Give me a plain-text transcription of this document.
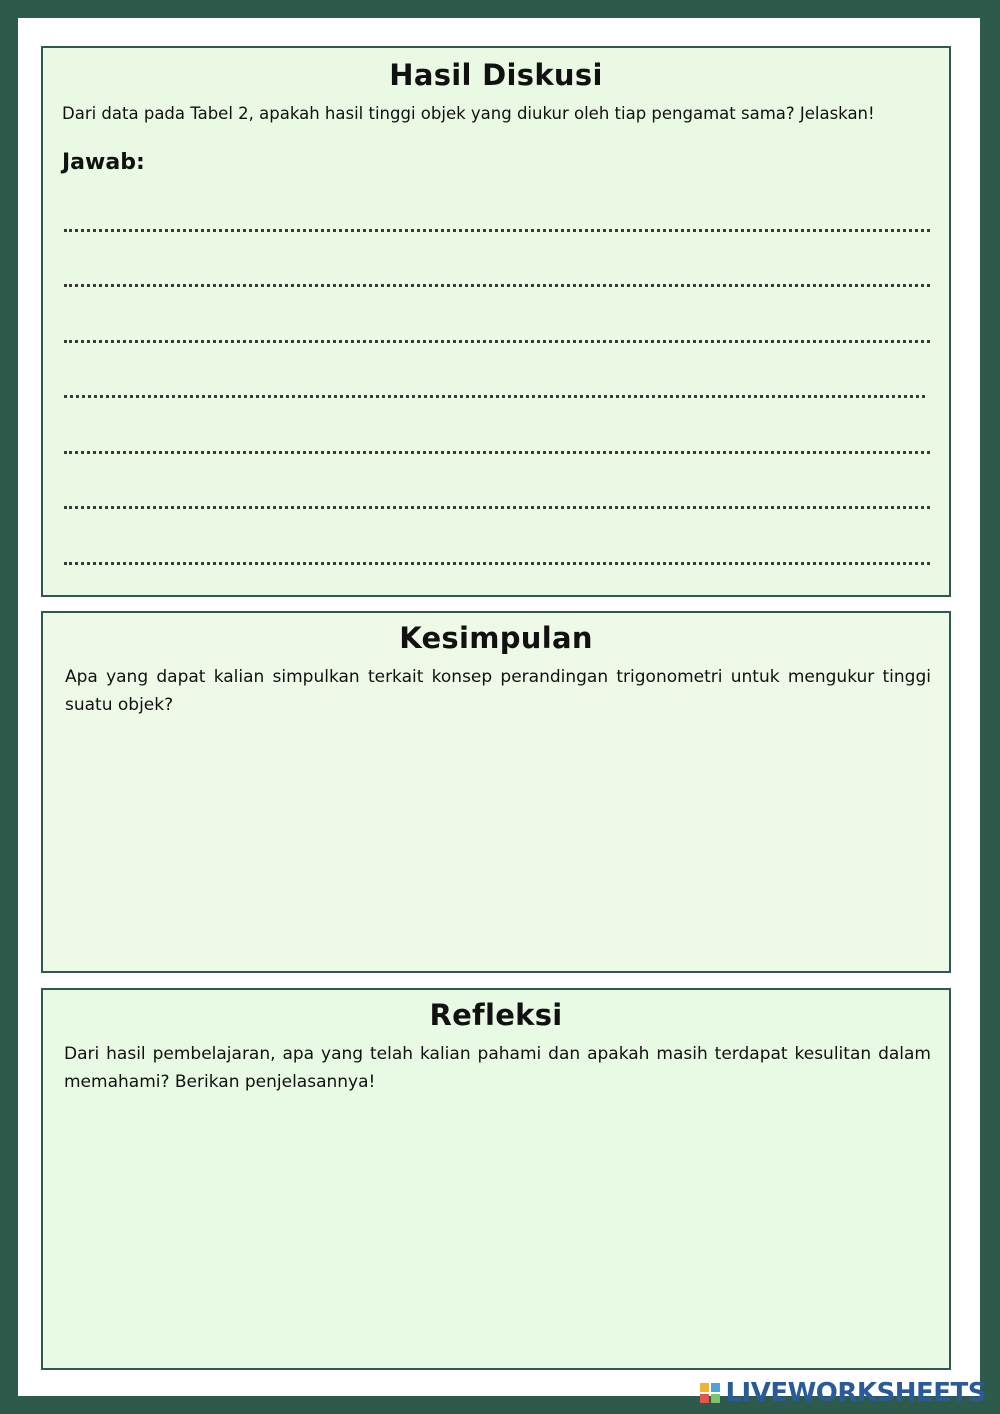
Hasil Diskusi

Dari data pada Tabel 2, apakah hasil tinggi objek yang diukur oleh tiap pengamat sama? Jelaskan!

Jawab:

Kesimpulan

Apa yang dapat kalian simpulkan terkait konsep perandingan trigonometri untuk mengukur tinggi suatu objek?

Refleksi

Dari hasil pembelajaran, apa yang telah kalian pahami dan apakah masih terdapat kesulitan dalam memahami? Berikan penjelasannya!

LIVEWORKSHEETS
